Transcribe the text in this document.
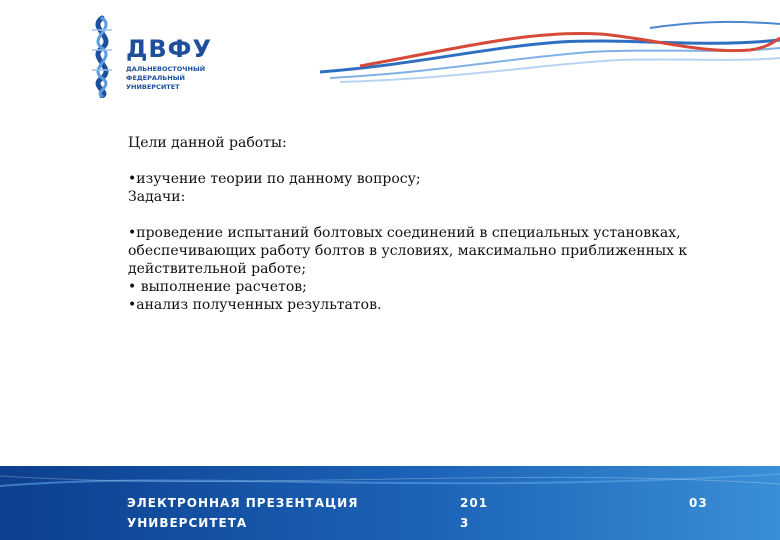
ДВФУ
ДАЛЬНЕВОСТОЧНЫЙ
ФЕДЕРАЛЬНЫЙ
УНИВЕРСИТЕТ

Цели данной работы:

•изучение теории по данному вопросу;

Задачи:

•проведение испытаний болтовых соединений в специальных установках, обеспечивающих работу болтов в условиях, максимально приближенных к действительной работе;

• выполнение расчетов;

•анализ полученных результатов.

ЭЛЕКТРОННАЯ ПРЕЗЕНТАЦИЯ
УНИВЕРСИТЕТА
201
3
03
